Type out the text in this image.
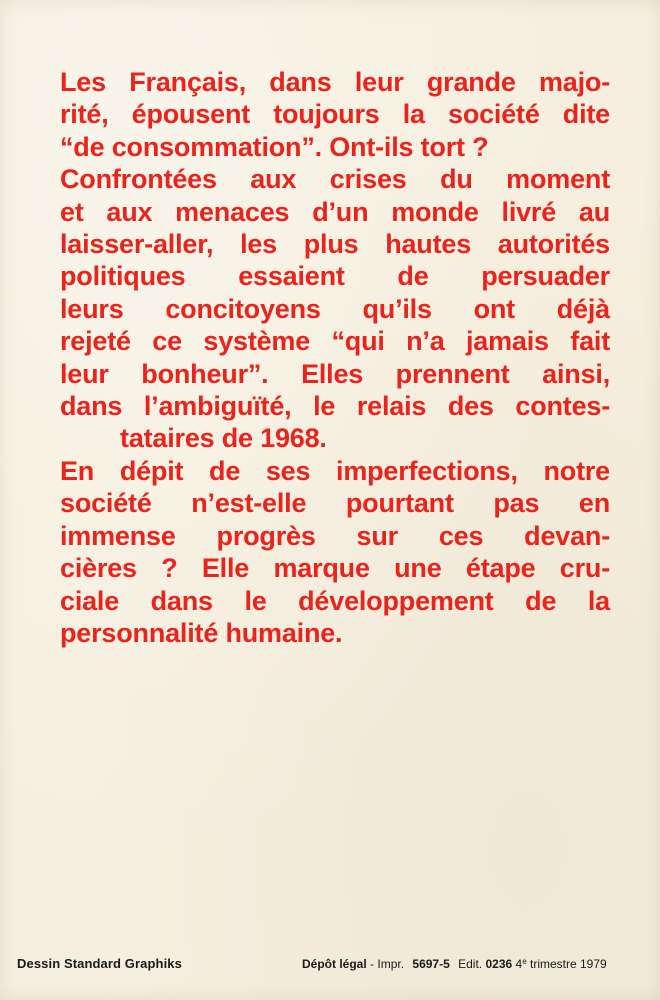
Les Français, dans leur grande majo-
rité, épousent toujours la société dite
“de consommation”. Ont-ils tort ?
Confrontées aux crises du moment
et aux menaces d’un monde livré au
laisser-aller, les plus hautes autorités
politiques essaient de persuader
leurs concitoyens qu’ils ont déjà
rejeté ce système “qui n’a jamais fait
leur bonheur”. Elles prennent ainsi,
dans l’ambiguïté, le relais des contes-
tataires de 1968.
En dépit de ses imperfections, notre
société n’est-elle pourtant pas en
immense progrès sur ces devan-
cières ? Elle marque une étape cru-
ciale dans le développement de la
personnalité humaine.
Dessin Standard Graphiks	Dépôt légal - Impr. 5697-5 Edit. 0236 4e trimestre 1979
